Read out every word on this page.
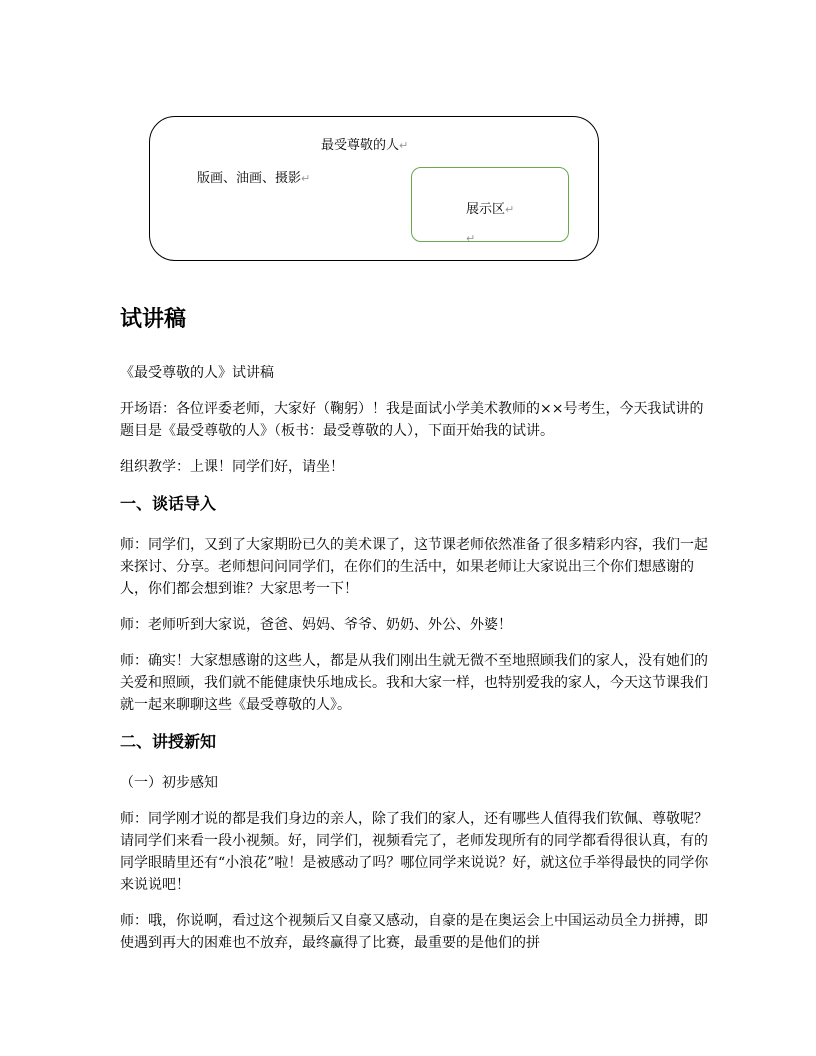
最受尊敬的人↵
版画、油画、摄影↵
展示区↵
↵
试讲稿
《最受尊敬的人》试讲稿
开场语：各位评委老师，大家好（鞠躬）！我是面试小学美术教师的××号考生，今天我试讲的题目是《最受尊敬的人》（板书：最受尊敬的人），下面开始我的试讲。
组织教学：上课！同学们好，请坐！
一、谈话导入
师：同学们，又到了大家期盼已久的美术课了，这节课老师依然准备了很多精彩内容，我们一起来探讨、分享。老师想问问同学们，在你们的生活中，如果老师让大家说出三个你们想感谢的人，你们都会想到谁？大家思考一下！
师：老师听到大家说，爸爸、妈妈、爷爷、奶奶、外公、外婆！
师：确实！大家想感谢的这些人，都是从我们刚出生就无微不至地照顾我们的家人，没有她们的关爱和照顾，我们就不能健康快乐地成长。我和大家一样，也特别爱我的家人，今天这节课我们就一起来聊聊这些《最受尊敬的人》。
二、讲授新知
（一）初步感知
师：同学刚才说的都是我们身边的亲人，除了我们的家人，还有哪些人值得我们钦佩、尊敬呢？请同学们来看一段小视频。好，同学们，视频看完了，老师发现所有的同学都看得很认真，有的同学眼睛里还有“小浪花”啦！是被感动了吗？哪位同学来说说？好，就这位手举得最快的同学你来说说吧！
师：哦，你说啊，看过这个视频后又自豪又感动，自豪的是在奥运会上中国运动员全力拼搏，即使遇到再大的困难也不放弃，最终赢得了比赛，最重要的是他们的拼
